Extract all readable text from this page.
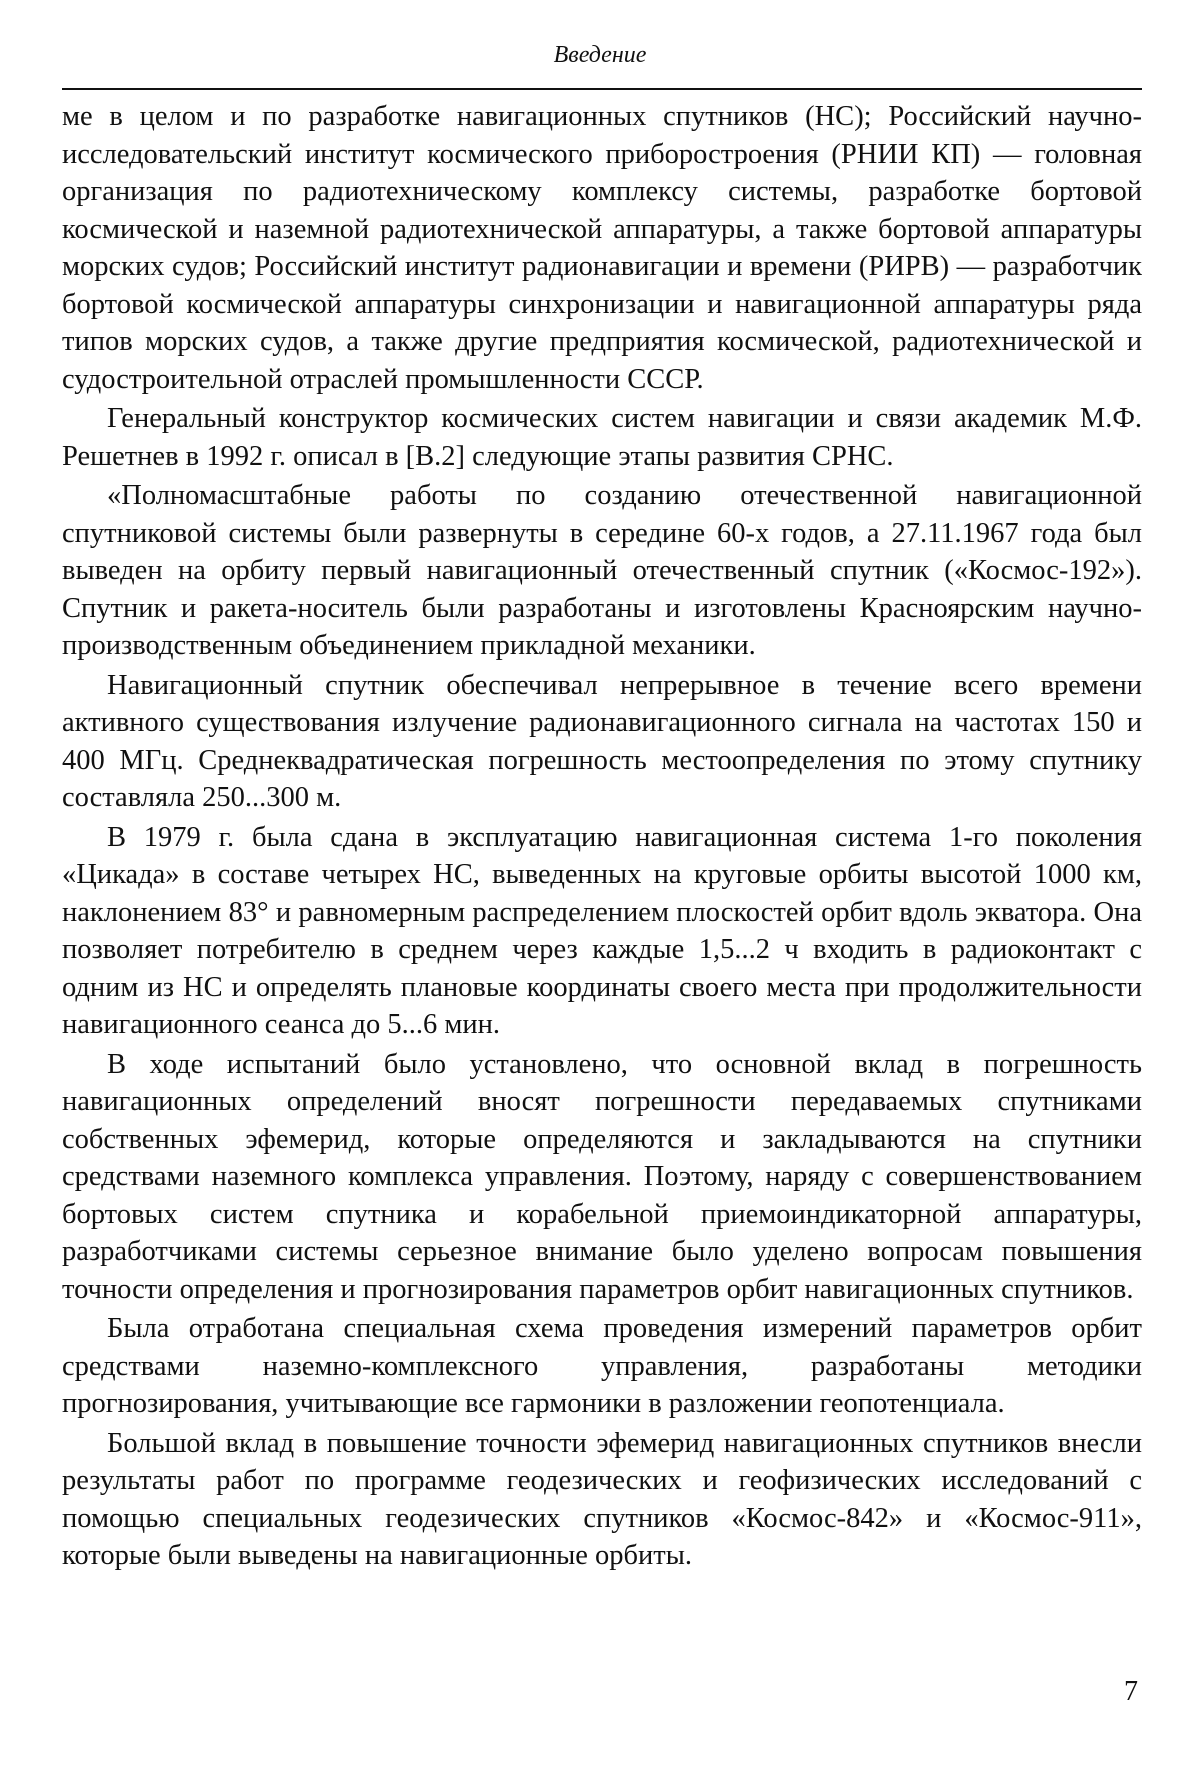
Введение

ме в целом и по разработке навигационных спутников (НС); Российский научно-исследовательский институт космического приборостроения (РНИИ КП) — головная организация по радиотехническому комплексу системы, разработке бортовой космической и наземной радиотехнической аппаратуры, а также бортовой аппаратуры морских судов; Российский институт радионавигации и времени (РИРВ) — разработчик бортовой космической аппаратуры синхронизации и навигационной аппаратуры ряда типов морских судов, а также другие предприятия космической, радиотехнической и судостроительной отраслей промышленности СССР.

Генеральный конструктор космических систем навигации и связи академик М.Ф. Решетнев в 1992 г. описал в [В.2] следующие этапы развития СРНС.

«Полномасштабные работы по созданию отечественной навигационной спутниковой системы были развернуты в середине 60-х годов, а 27.11.1967 года был выведен на орбиту первый навигационный отечественный спутник («Космос-192»). Спутник и ракета-носитель были разработаны и изготовлены Красноярским научно-производственным объединением прикладной механики.

Навигационный спутник обеспечивал непрерывное в течение всего времени активного существования излучение радионавигационного сигнала на частотах 150 и 400 МГц. Среднеквадратическая погрешность местоопределения по этому спутнику составляла 250...300 м.

В 1979 г. была сдана в эксплуатацию навигационная система 1-го поколения «Цикада» в составе четырех НС, выведенных на круговые орбиты высотой 1000 км, наклонением 83° и равномерным распределением плоскостей орбит вдоль экватора. Она позволяет потребителю в среднем через каждые 1,5...2 ч входить в радиоконтакт с одним из НС и определять плановые координаты своего места при продолжительности навигационного сеанса до 5...6 мин.

В ходе испытаний было установлено, что основной вклад в погрешность навигационных определений вносят погрешности передаваемых спутниками собственных эфемерид, которые определяются и закладываются на спутники средствами наземного комплекса управления. Поэтому, наряду с совершенствованием бортовых систем спутника и корабельной приемоиндикаторной аппаратуры, разработчиками системы серьезное внимание было уделено вопросам повышения точности определения и прогнозирования параметров орбит навигационных спутников.

Была отработана специальная схема проведения измерений параметров орбит средствами наземно-комплексного управления, разработаны методики прогнозирования, учитывающие все гармоники в разложении геопотенциала.

Большой вклад в повышение точности эфемерид навигационных спутников внесли результаты работ по программе геодезических и геофизических исследований с помощью специальных геодезических спутников «Космос-842» и «Космос-911», которые были выведены на навигационные орбиты.

7
